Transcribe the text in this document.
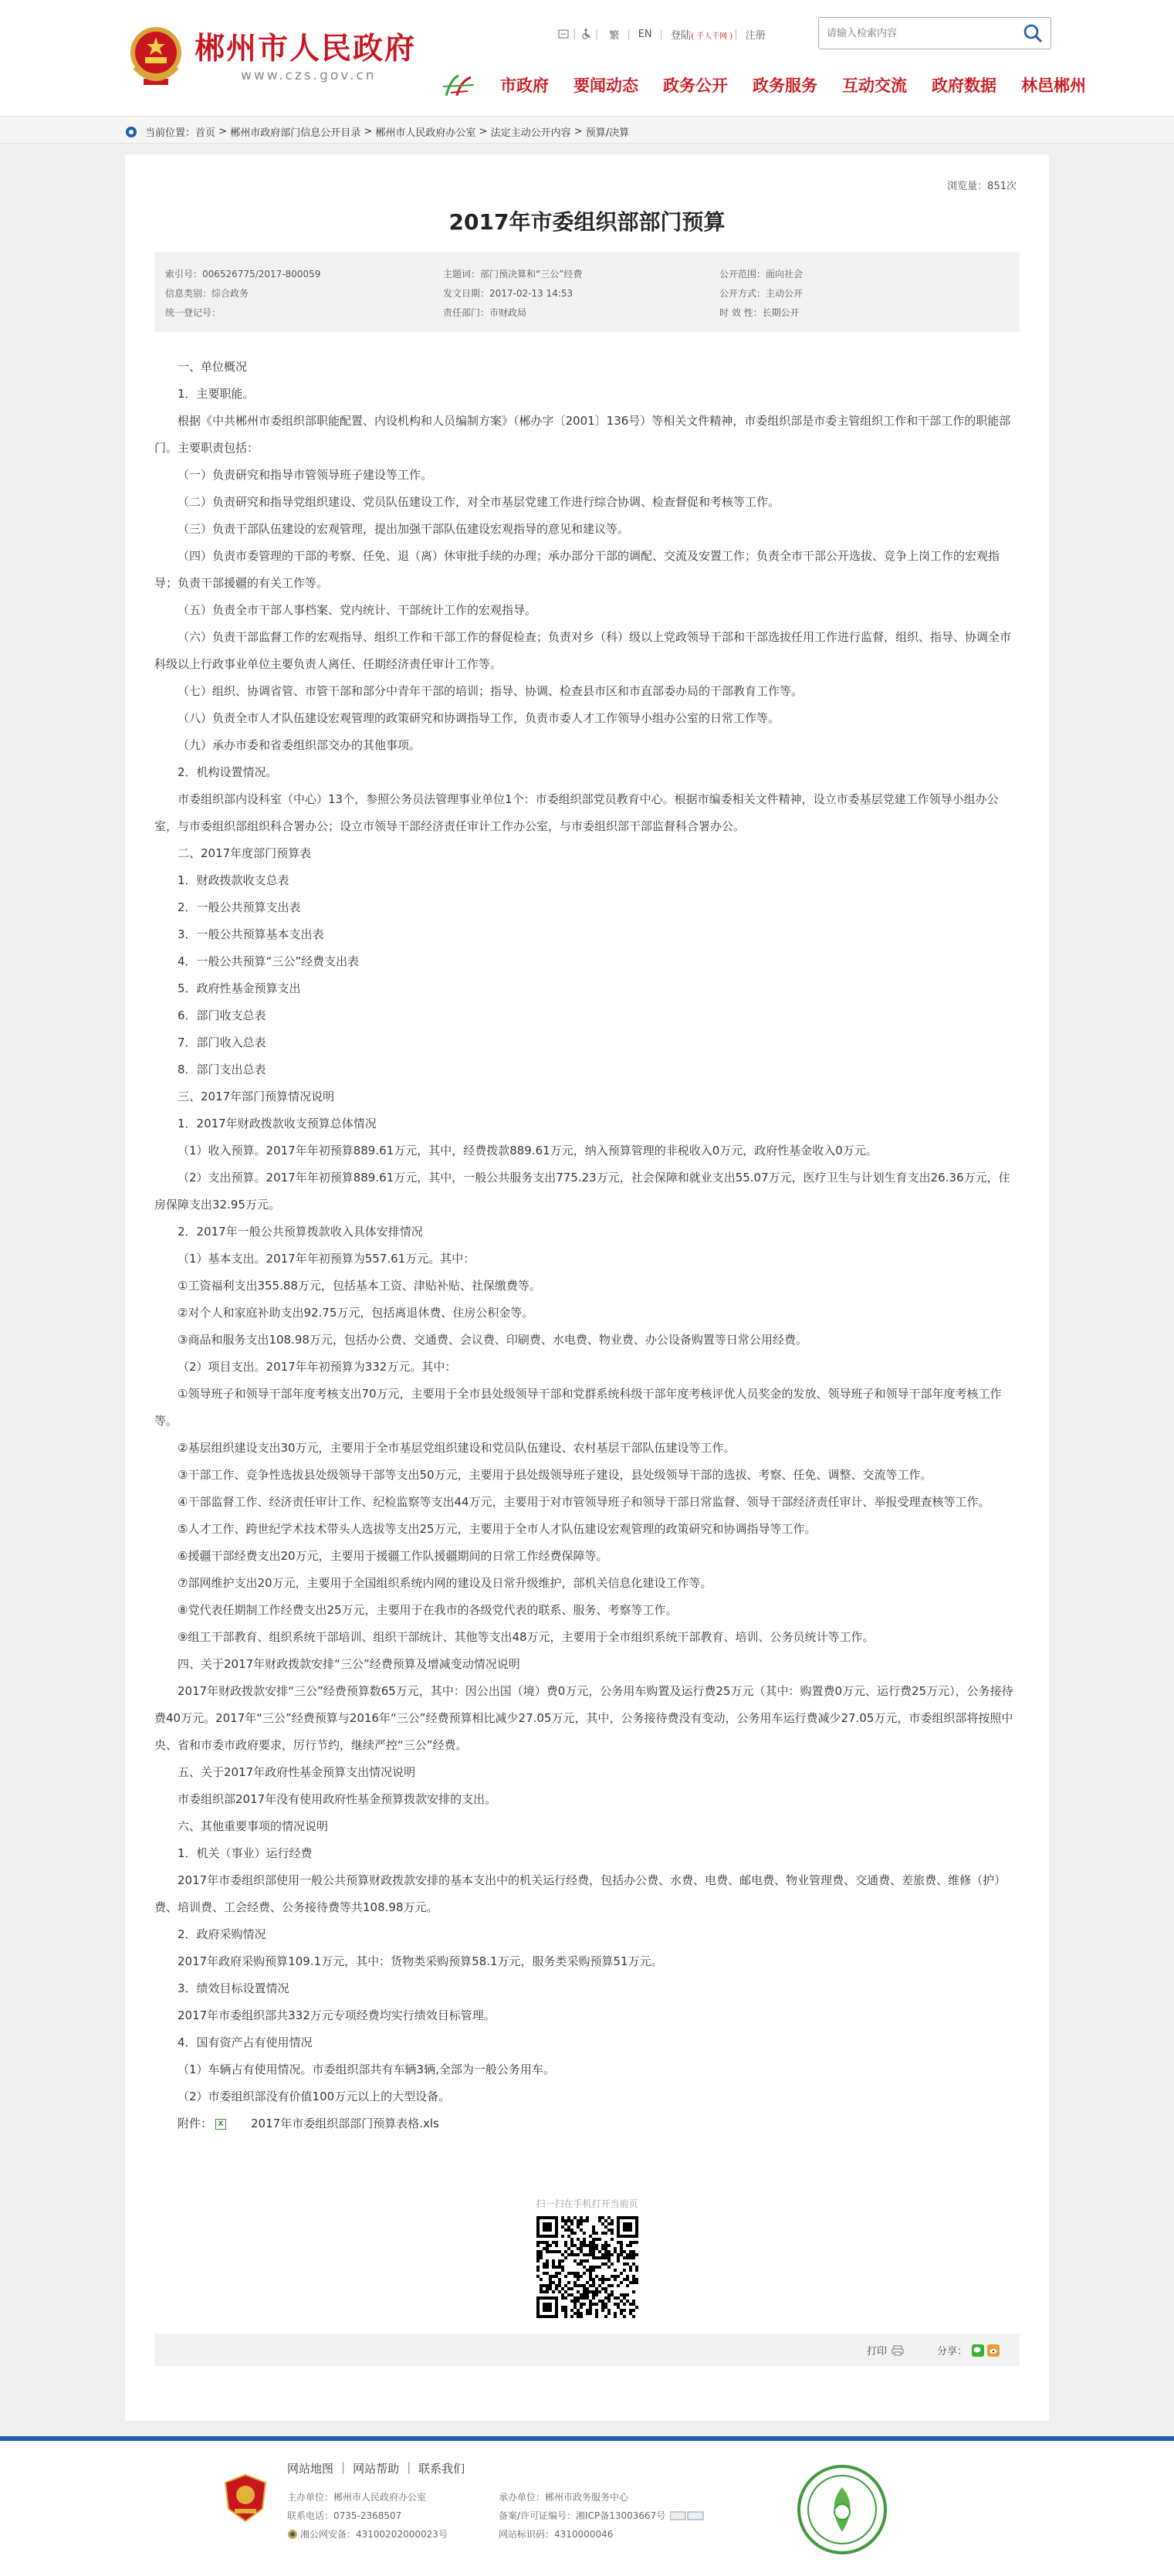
郴州市人民政府
www.czs.gov.cn
| | 繁 | EN | 登陆( 千人千网 ) | 注册
请输入检索内容
市政府 要闻动态 政务公开 政务服务 互动交流 政府数据 林邑郴州
当前位置： 首页 > 郴州市政府部门信息公开目录 > 郴州市人民政府办公室 > 法定主动公开内容 > 预算/决算
浏览量：851次
2017年市委组织部部门预算
索引号：006526775/2017-800059
信息类别：综合政务
统一登记号：
主题词：部门预决算和“三公”经费
发文日期：2017-02-13 14:53
责任部门：市财政局
公开范围：面向社会
公开方式：主动公开
时 效 性：长期公开

一、单位概况

1．主要职能。

根据《中共郴州市委组织部职能配置、内设机构和人员编制方案》（郴办字〔2001〕136号）等相关文件精神，市委组织部是市委主管组织工作和干部工作的职能部门。主要职责包括：

（一）负责研究和指导市管领导班子建设等工作。

（二）负责研究和指导党组织建设、党员队伍建设工作，对全市基层党建工作进行综合协调、检查督促和考核等工作。

（三）负责干部队伍建设的宏观管理，提出加强干部队伍建设宏观指导的意见和建议等。

（四）负责市委管理的干部的考察、任免、退（离）休审批手续的办理；承办部分干部的调配、交流及安置工作；负责全市干部公开选拔、竞争上岗工作的宏观指导；负责干部援疆的有关工作等。

（五）负责全市干部人事档案、党内统计、干部统计工作的宏观指导。

（六）负责干部监督工作的宏观指导、组织工作和干部工作的督促检查；负责对乡（科）级以上党政领导干部和干部选拔任用工作进行监督，组织、指导、协调全市科级以上行政事业单位主要负责人离任、任期经济责任审计工作等。

（七）组织、协调省管、市管干部和部分中青年干部的培训；指导、协调、检查县市区和市直部委办局的干部教育工作等。

（八）负责全市人才队伍建设宏观管理的政策研究和协调指导工作，负责市委人才工作领导小组办公室的日常工作等。

（九）承办市委和省委组织部交办的其他事项。

2．机构设置情况。

市委组织部内设科室（中心）13个，参照公务员法管理事业单位1个：市委组织部党员教育中心。根据市编委相关文件精神，设立市委基层党建工作领导小组办公室，与市委组织部组织科合署办公；设立市领导干部经济责任审计工作办公室，与市委组织部干部监督科合署办公。

二、2017年度部门预算表

1．财政拨款收支总表

2．一般公共预算支出表

3．一般公共预算基本支出表

4．一般公共预算“三公”经费支出表

5．政府性基金预算支出

6．部门收支总表

7．部门收入总表

8．部门支出总表

三、2017年部门预算情况说明

1．2017年财政拨款收支预算总体情况

（1）收入预算。2017年年初预算889.61万元，其中，经费拨款889.61万元，纳入预算管理的非税收入0万元，政府性基金收入0万元。

（2）支出预算。2017年年初预算889.61万元，其中，一般公共服务支出775.23万元，社会保障和就业支出55.07万元，医疗卫生与计划生育支出26.36万元，住房保障支出32.95万元。

2．2017年一般公共预算拨款收入具体安排情况

（1）基本支出。2017年年初预算为557.61万元。其中：

①工资福利支出355.88万元，包括基本工资、津贴补贴、社保缴费等。

②对个人和家庭补助支出92.75万元，包括离退休费、住房公积金等。

③商品和服务支出108.98万元，包括办公费、交通费、会议费、印刷费、水电费、物业费、办公设备购置等日常公用经费。

（2）项目支出。2017年年初预算为332万元。其中：

①领导班子和领导干部年度考核支出70万元，主要用于全市县处级领导干部和党群系统科级干部年度考核评优人员奖金的发放、领导班子和领导干部年度考核工作等。

②基层组织建设支出30万元，主要用于全市基层党组织建设和党员队伍建设、农村基层干部队伍建设等工作。

③干部工作、竞争性选拔县处级领导干部等支出50万元，主要用于县处级领导班子建设，县处级领导干部的选拔、考察、任免、调整、交流等工作。

④干部监督工作、经济责任审计工作、纪检监察等支出44万元，主要用于对市管领导班子和领导干部日常监督、领导干部经济责任审计、举报受理查核等工作。

⑤人才工作、跨世纪学术技术带头人选拔等支出25万元，主要用于全市人才队伍建设宏观管理的政策研究和协调指导等工作。

⑥援疆干部经费支出20万元，主要用于援疆工作队援疆期间的日常工作经费保障等。

⑦部网维护支出20万元，主要用于全国组织系统内网的建设及日常升级维护，部机关信息化建设工作等。

⑧党代表任期制工作经费支出25万元，主要用于在我市的各级党代表的联系、服务、考察等工作。

⑨组工干部教育、组织系统干部培训、组织干部统计、其他等支出48万元，主要用于全市组织系统干部教育、培训、公务员统计等工作。

四、关于2017年财政拨款安排“三公”经费预算及增减变动情况说明

2017年财政拨款安排“三公”经费预算数65万元，其中：因公出国（境）费0万元，公务用车购置及运行费25万元（其中：购置费0万元、运行费25万元），公务接待费40万元。2017年“三公”经费预算与2016年“三公”经费预算相比减少27.05万元，其中，公务接待费没有变动，公务用车运行费减少27.05万元，市委组织部将按照中央、省和市委市政府要求，厉行节约，继续严控“三公”经费。

五、关于2017年政府性基金预算支出情况说明

市委组织部2017年没有使用政府性基金预算拨款安排的支出。

六、其他重要事项的情况说明

1．机关（事业）运行经费

2017年市委组织部使用一般公共预算财政拨款安排的基本支出中的机关运行经费，包括办公费、水费、电费、邮电费、物业管理费、交通费、差旅费、维修（护）费、培训费、工会经费、公务接待费等共108.98万元。

2．政府采购情况

2017年政府采购预算109.1万元，其中：货物类采购预算58.1万元，服务类采购预算51万元。

3．绩效目标设置情况

2017年市委组织部共332万元专项经费均实行绩效目标管理。

4．国有资产占有使用情况

（1）车辆占有使用情况。市委组织部共有车辆3辆,全部为一般公务用车。

（2）市委组织部没有价值100万元以上的大型设备。

附件： X	2017年市委组织部部门预算表格.xls
扫一扫在手机打开当前页
打印	分享：
网站地图 | 网站帮助 | 联系我们
主办单位：郴州市人民政府办公室
联系电话：0735-2368507
湘公网安备：43100202000023号
承办单位：郴州市政务服务中心
备案/许可证编号：湘ICP备13003667号
网站标识码：4310000046
